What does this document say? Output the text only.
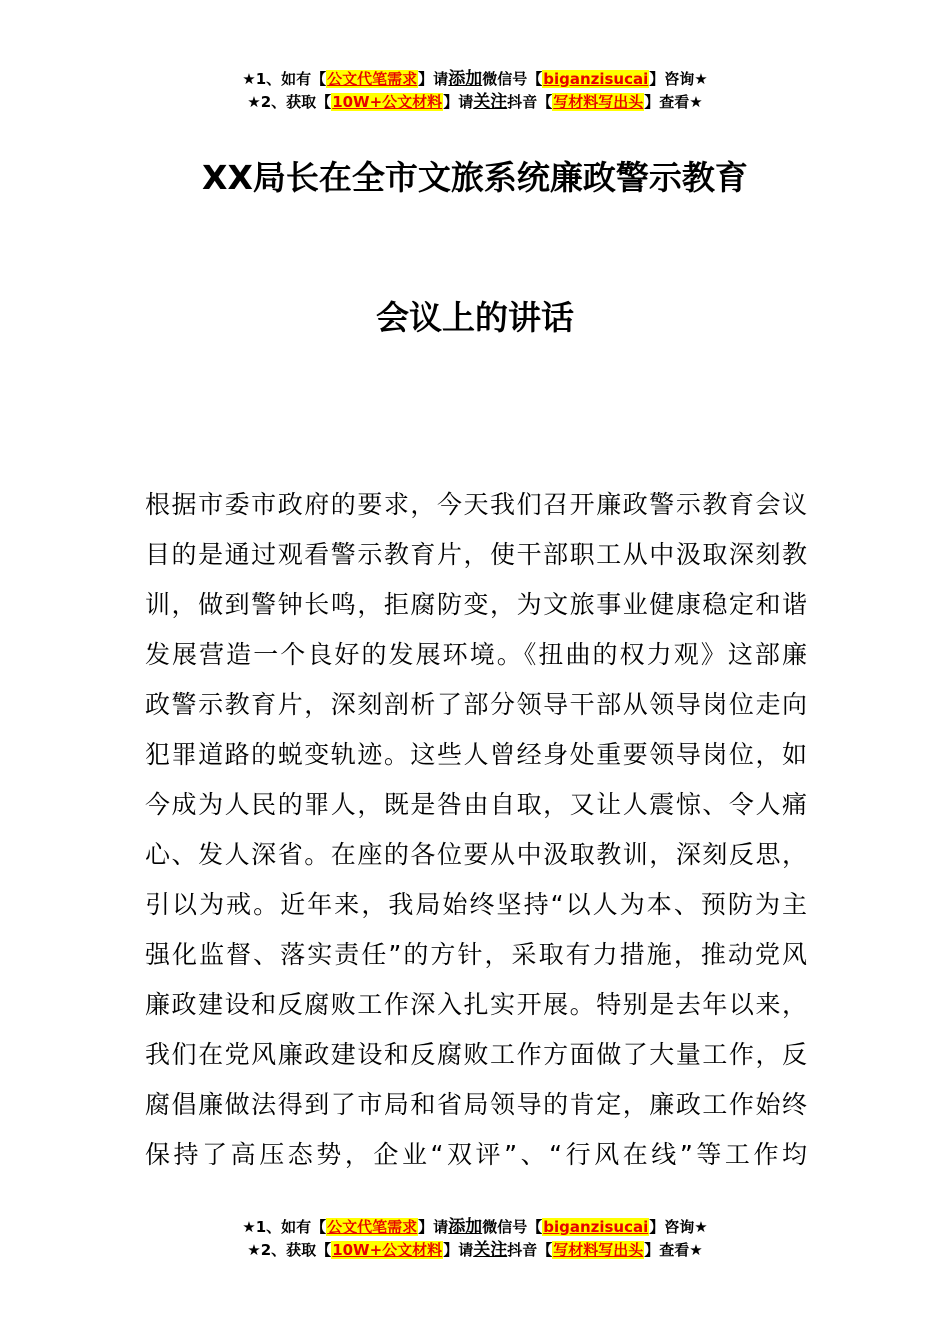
★1、如有【公文代笔需求】请添加微信号【biganzisucai】咨询★
★2、获取【10W+公文材料】请关注抖音【写材料写出头】查看★
XX局长在全市文旅系统廉政警示教育
会议上的讲话
根据市委市政府的要求，今天我们召开廉政警示教育会议
目的是通过观看警示教育片，使干部职工从中汲取深刻教
训，做到警钟长鸣，拒腐防变，为文旅事业健康稳定和谐
发展营造一个良好的发展环境。《扭曲的权力观》这部廉
政警示教育片，深刻剖析了部分领导干部从领导岗位走向
犯罪道路的蜕变轨迹。这些人曾经身处重要领导岗位，如
今成为人民的罪人，既是咎由自取，又让人震惊、令人痛
心、发人深省。在座的各位要从中汲取教训，深刻反思，
引以为戒。近年来，我局始终坚持“以人为本、预防为主
强化监督、落实责任”的方针，采取有力措施，推动党风
廉政建设和反腐败工作深入扎实开展。特别是去年以来，
我们在党风廉政建设和反腐败工作方面做了大量工作，反
腐倡廉做法得到了市局和省局领导的肯定，廉政工作始终
保持了高压态势，企业“双评”、“行风在线”等工作均
★1、如有【公文代笔需求】请添加微信号【biganzisucai】咨询★
★2、获取【10W+公文材料】请关注抖音【写材料写出头】查看★
